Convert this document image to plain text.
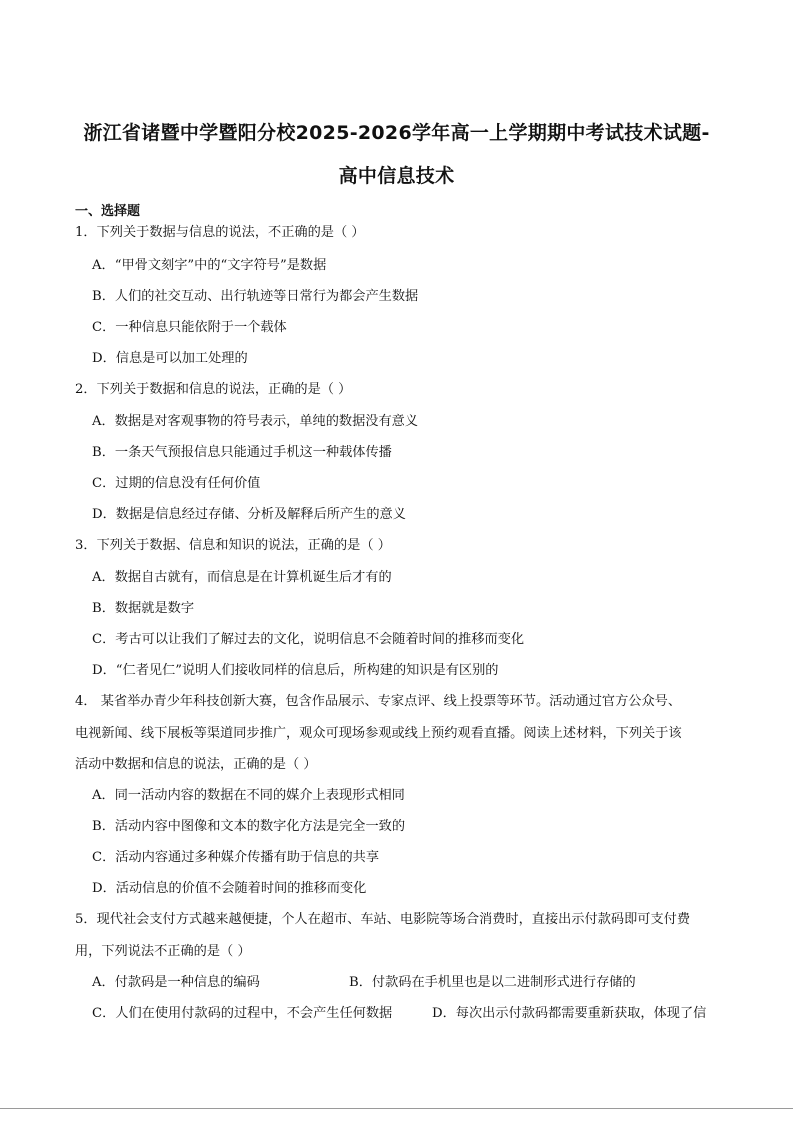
浙江省诸暨中学暨阳分校2025-2026学年高一上学期期中考试技术试题-
高中信息技术
一、选择题
1．下列关于数据与信息的说法，不正确的是（ ）
A．“甲骨文刻字”中的“文字符号”是数据
B．人们的社交互动、出行轨迹等日常行为都会产生数据
C．一种信息只能依附于一个载体
D．信息是可以加工处理的
2．下列关于数据和信息的说法，正确的是（ ）
A．数据是对客观事物的符号表示，单纯的数据没有意义
B．一条天气预报信息只能通过手机这一种载体传播
C．过期的信息没有任何价值
D．数据是信息经过存储、分析及解释后所产生的意义
3．下列关于数据、信息和知识的说法，正确的是（ ）
A．数据自古就有，而信息是在计算机诞生后才有的
B．数据就是数字
C．考古可以让我们了解过去的文化，说明信息不会随着时间的推移而变化
D．“仁者见仁”说明人们接收同样的信息后，所构建的知识是有区别的
4． 某省举办青少年科技创新大赛，包含作品展示、专家点评、线上投票等环节。活动通过官方公众号、
电视新闻、线下展板等渠道同步推广，观众可现场参观或线上预约观看直播。阅读上述材料，下列关于该
活动中数据和信息的说法，正确的是（ ）
A．同一活动内容的数据在不同的媒介上表现形式相同
B．活动内容中图像和文本的数字化方法是完全一致的
C．活动内容通过多种媒介传播有助于信息的共享
D．活动信息的价值不会随着时间的推移而变化
5．现代社会支付方式越来越便捷，个人在超市、车站、电影院等场合消费时，直接出示付款码即可支付费
用，下列说法不正确的是（ ）
A．付款码是一种信息的编码	B．付款码在手机里也是以二进制形式进行存储的
C．人们在使用付款码的过程中，不会产生任何数据	D．每次出示付款码都需要重新获取，体现了信
